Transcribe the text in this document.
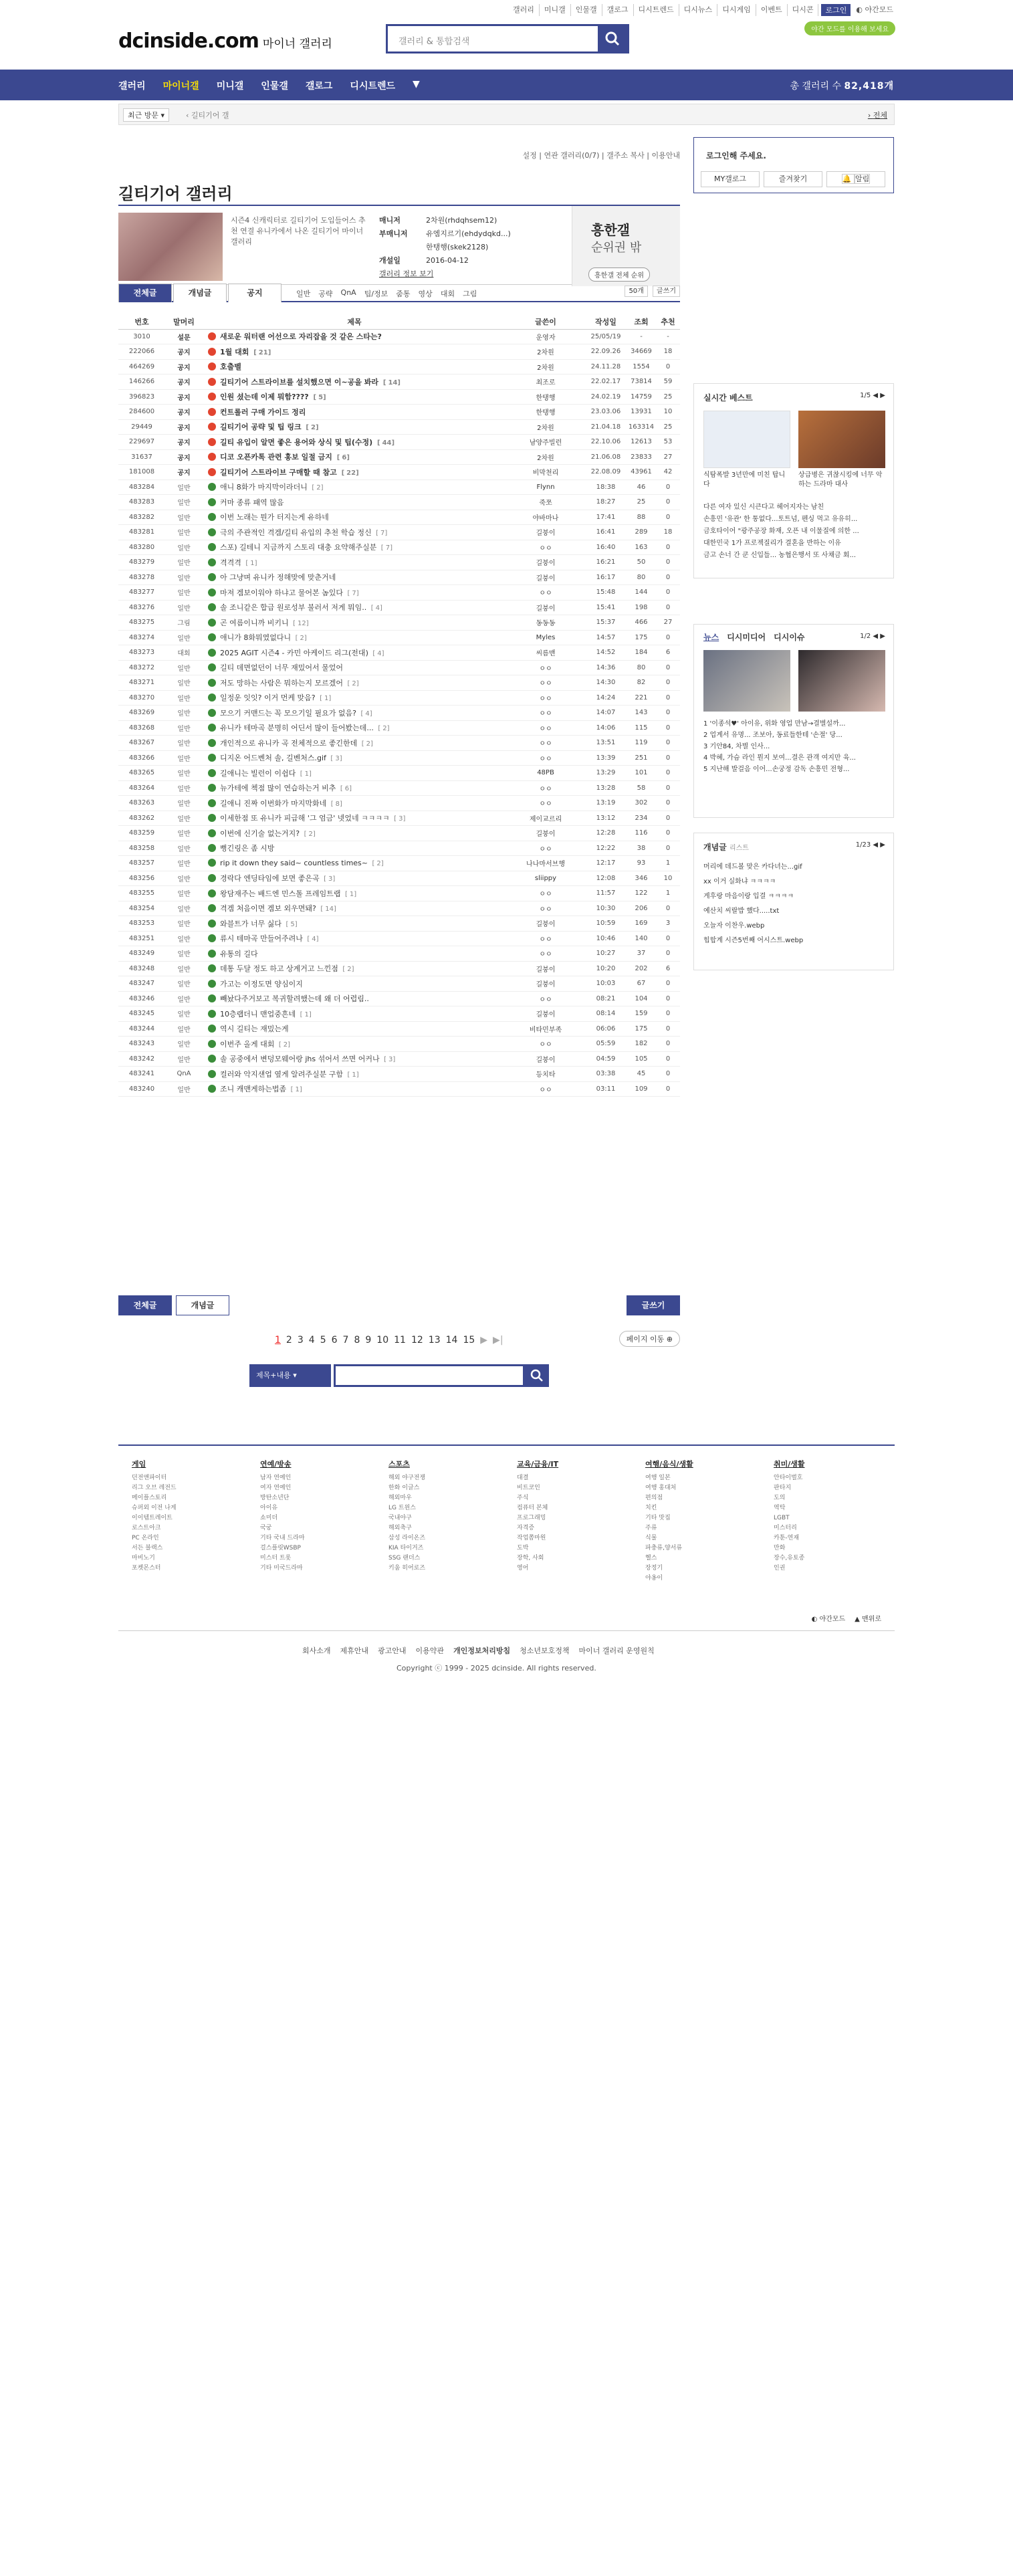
갤러리	미니갤	인물갤	갤로그	디시트렌드	디시뉴스	디시게임	이벤트	디시콘	로그인	◐ 야간모드
dcinside.com 마이너 갤러리	갤러리 & 통합검색
야간 모드를 이용해 보세요
갤러리 마이너갤 미니갤 인물갤 갤로그 디시트렌드 ▼	총 갤러리 수 82,418개
최근 방문 ▾	‹ 길티기어 갤	› 전체
설정 | 연관 갤러리(0/7) | 갤주소 복사 | 이용안내
길티기어 갤러리
시즌4 신캐릭터로 길티기어 도입들어스 추천 연결 유니카에서 나온 길티기어 마이너 갤러리
매니저	2차원(rhdqhsem12)
부매니저 유엠지르기(ehdydqkd...)
한탱행(skek2128)
개설일	2016-04-12
갤러리 정보 보기
흥한갤
순위권 밖
흥한갤 전체 순위
전체글	개념글	공지	일반 공략 QnA 팁/정보 줌통 영상 대회 그림	50개 글쓰기
번호	말머리	제목	글쓴이	작성일	조회	추천
3010	설문	새로운 워터랜 어선으로 자리잡을 것 같은 스타는?	운영자	25/05/19	-	-
222066	공지	1월 대회 [ 21]	2차원	22.09.26	34669	18
464269	공지	호출벨	2차원	24.11.28	1554	0
146266	공지	길티기어 스트라이브를 설치했으면 이~공을 봐라 [ 14]	최조로	22.02.17	73814	59
396823	공지	인원 셨는데 이제 뭐함???? [ 5]	한탱행	24.02.19	14759	25
284600	공지	컨트롤러 구매 가이드 정리	한탱행	23.03.06	13931	10
29449	공지	길티기어 공략 및 팁 링크 [ 2]	2차원	21.04.18	163314	25
229697	공지	길티 유입이 알면 좋은 용어와 상식 및 팁(수정) [ 44]	남양주빌런	22.10.06	12613	53
31637	공지	디코 오픈카톡 관련 홍보 일절 금지 [ 6]	2차원	21.06.08	23833	27
181008	공지	길티기어 스트라이브 구매할 때 참고 [ 22]	비막천리	22.08.09	43961	42
483284	일반	애니 8화가 마지막이라더니 [ 2]	Flynn	18:38	46	0
483283	일반	커마 종류 패역 많음	죽쪼	18:27	25	0
483282	일반	이번 노래는 뭔가 터지는게 유하네	야바마나	17:41	88	0
483281	일반	극의 주관적인 격겜/길티 유입의 추천 학습 정신 [ 7]	길붕이	16:41	289	18
483280	일반	스포) 길테니 지금까지 스토리 대충 요약해주실분 [ 7]	ㅇㅇ	16:40	163	0
483279	일반	격격격 [ 1]	길붕이	16:21	50	0
483278	일반	아 그냥며 유니카 정해맞에 맞춘거네	길붕이	16:17	80	0
483277	일반	마져 겜보이워야 하냐고 물어본 놈있다 [ 7]	ㅇㅇ	15:48	144	0
483276	일반	솔 조니같은 합급 원로성부 불러서 저게 뭐임.. [ 4]	길붕이	15:41	198	0
483275	그림	곤 여름이니까 비키니 [ 12]	동동동	15:37	466	27
483274	일반	애니가 8화뭐였없다니 [ 2]	Myles	14:57	175	0
483273	대회	2025 AGIT 시즌4 - 카민 아케이드 리그(전대) [ 4]	씨름맨	14:52	184	6
483272	일반	길티 데면없던이 너무 재밌어서 물었어	ㅇㅇ	14:36	80	0
483271	일반	저도 망하는 사람은 뭐하는지 모르겠어 [ 2]	ㅇㅇ	14:30	82	0
483270	일반	일정운 잇잇? 이거 먼케 맞음? [ 1]	ㅇㅇ	14:24	221	0
483269	일반	모으기 커맨드는 꼭 모으기일 필요가 없음? [ 4]	ㅇㅇ	14:07	143	0
483268	일반	유니카 테마곡 분명히 어딘서 많이 들어봤는데... [ 2]	ㅇㅇ	14:06	115	0
483267	일반	개인적으로 유니카 곡 전체적으로 좋긴한데 [ 2]	ㅇㅇ	13:51	119	0
483266	일반	디지온 어드벤처 솔, 길벤처스.gif [ 3]	ㅇㅇ	13:39	251	0
483265	일반	길애니는 빌런이 이쉽다 [ 1]	48PB	13:29	101	0
483264	일반	뉴가테에 첵점 많이 연습하는거 비추 [ 6]	ㅇㅇ	13:28	58	0
483263	일반	길애니 진짜 이번화가 마지막화네 [ 8]	ㅇㅇ	13:19	302	0
483262	일반	이세한점 또 유니카 피급해 '그 엄금' 넷었네 ㅋㅋㅋㅋ [ 3]	제이교르리	13:12	234	0
483259	일반	이번에 신기술 없는거지? [ 2]	길붕이	12:28	116	0
483258	일반	뻥긴링은 좀 시방	ㅇㅇ	12:22	38	0
483257	일반	rip it down they said~ countless times~ [ 2]	나나마서브행	12:17	93	1
483256	일반	경락다 엔딩타임에 보면 좋은곡 [ 3]	sliippy	12:08	346	10
483255	일반	왕담재주는 배드엔 민스톨 프레임트랩 [ 1]	ㅇㅇ	11:57	122	1
483254	일반	격겜 처음이면 겜보 외우면돼? [ 14]	ㅇㅇ	10:30	206	0
483253	일반	와블트가 너무 싫다 [ 5]	길붕이	10:59	169	3
483251	일반	류시 테마곡 만들어주려나 [ 4]	ㅇㅇ	10:46	140	0
483249	일반	유통의 길다	ㅇㅇ	10:27	37	0
483248	일반	데통 두달 정도 하고 상계거고 느낀점 [ 2]	길붕이	10:20	202	6
483247	일반	가고는 이정도면 양심이지	길붕이	10:03	67	0
483246	일반	빼놨다주거보고 복귀할려했는데 왜 더 어렵림..	ㅇㅇ	08:21	104	0
483245	일반	10층랩더니 맨업중흔네 [ 1]	길붕이	08:14	159	0
483244	일반	역시 길티는 재밌는게	비타민부족	06:06	175	0
483243	일반	이번주 올게 대회 [ 2]	ㅇㅇ	05:59	182	0
483242	일반	솔 공중에서 변덩모웨어랑 jhs 섞어서 쓰면 어커나 [ 3]	길붕이	04:59	105	0
483241	QnA	컬러와 악지샌업 옆게 알려주실분 구함 [ 1]	등치타	03:38	45	0
483240	일반	조니 캐맨게하는법좀 [ 1]	ㅇㅇ	03:11	109	0
전체글	개념글	글쓰기
1 2 3 4 5 6 7 8 9 10 11 12 13 14 15 ▶ ▶|	페이지 이동 ⊕
제목+내용 ▾
로그인해 주세요.
MY갤로그	즐겨찾기	🔔 알림
실시간 베스트	1/5 ◀ ▶
식탐폭발 3년만에 미친 탑니다
상급병은 귀찮시킹에 너무 악하는 드라마 대사
다른 여자 있신 시큰다고 헤어지자는 남친
손흥민 '유관' 한 통없다...토트넘, 펜싱 먹고 유유히...
금호타이어 "광주공장 화재, 오픈 내 이물질에 의한 ...
대한민국 1가 프로젝질리가 결혼을 반하는 이유
금고 손너 간 쿤 신입들... 농협은행서 또 사채금 회...
뉴스 디시미디어 디시이슈	1/2 ◀ ▶
1 '이종석♥' 아이유, 위화 영업 만남→결별설까...
2 업계서 유명... 조보아, 동료들한테 '손절' 당...
3 기안84, 차별 인사...
4 박혜, 가슴 라인 뭔지 보여...결은 관객 여지만 육...
5 지난해 발걸음 이어...손궁정 감독 손흥민 전형...
개념글 리스트	1/23 ◀ ▶
머리에 데드볼 맞은 카다녀는...gif
xx 이거 실화냐 ㅋㅋㅋㅋ
게후랑 마음이랑 입결 ㅋㅋㅋㅋ
예산치 씨랄밥 했다.....txt
오늘자 이찬우.webp
힙합계 시즌5번째 어시스트.webp
게임
던전앤파이터
리그 오브 레전드
메이플스토리
슈퍼외 이전 나게
이이템트레이트
로스트아크
PC 온라인
서든 블랙스
마비노기
포켓몬스터
연예/방송
남자 연예인
여자 연예인
방탄소년단
아이유
쇼미더
국궁
기타 국내 드라마
걸스플릿WSBP
미스터 트롯
기타 미국드라마
스포츠
해외 야구전쟁
한화 이글스
해외마우
LG 트윈스
국내야구
해외축구
삼성 라이온즈
KIA 타이거즈
SSG 랜더스
키움 히어로즈
교육/금융/IT
대결
비트코인
주식
컴퓨터 본체
프로그래밍
자격증
작업쫌마원
도박
장학, 사회
영어
여행/음식/생활
여행 일본
여행 홍대처
편의점
치킨
기타 맛집
주류
식물
파충류,양서류
헬스
장정기
야옹이
취미/생활
안타이벌호
판타지
도의
역탁
LGBT
미스터리
카툰-연재
만화
장수,유토종
인권
◐ 야간모드 ▲ 맨위로
회사소개 제휴안내 광고안내 이용약관 개인정보처리방침 청소년보호정책 마이너 갤러리 운영원칙
Copyright ⓒ 1999 - 2025 dcinside. All rights reserved.
